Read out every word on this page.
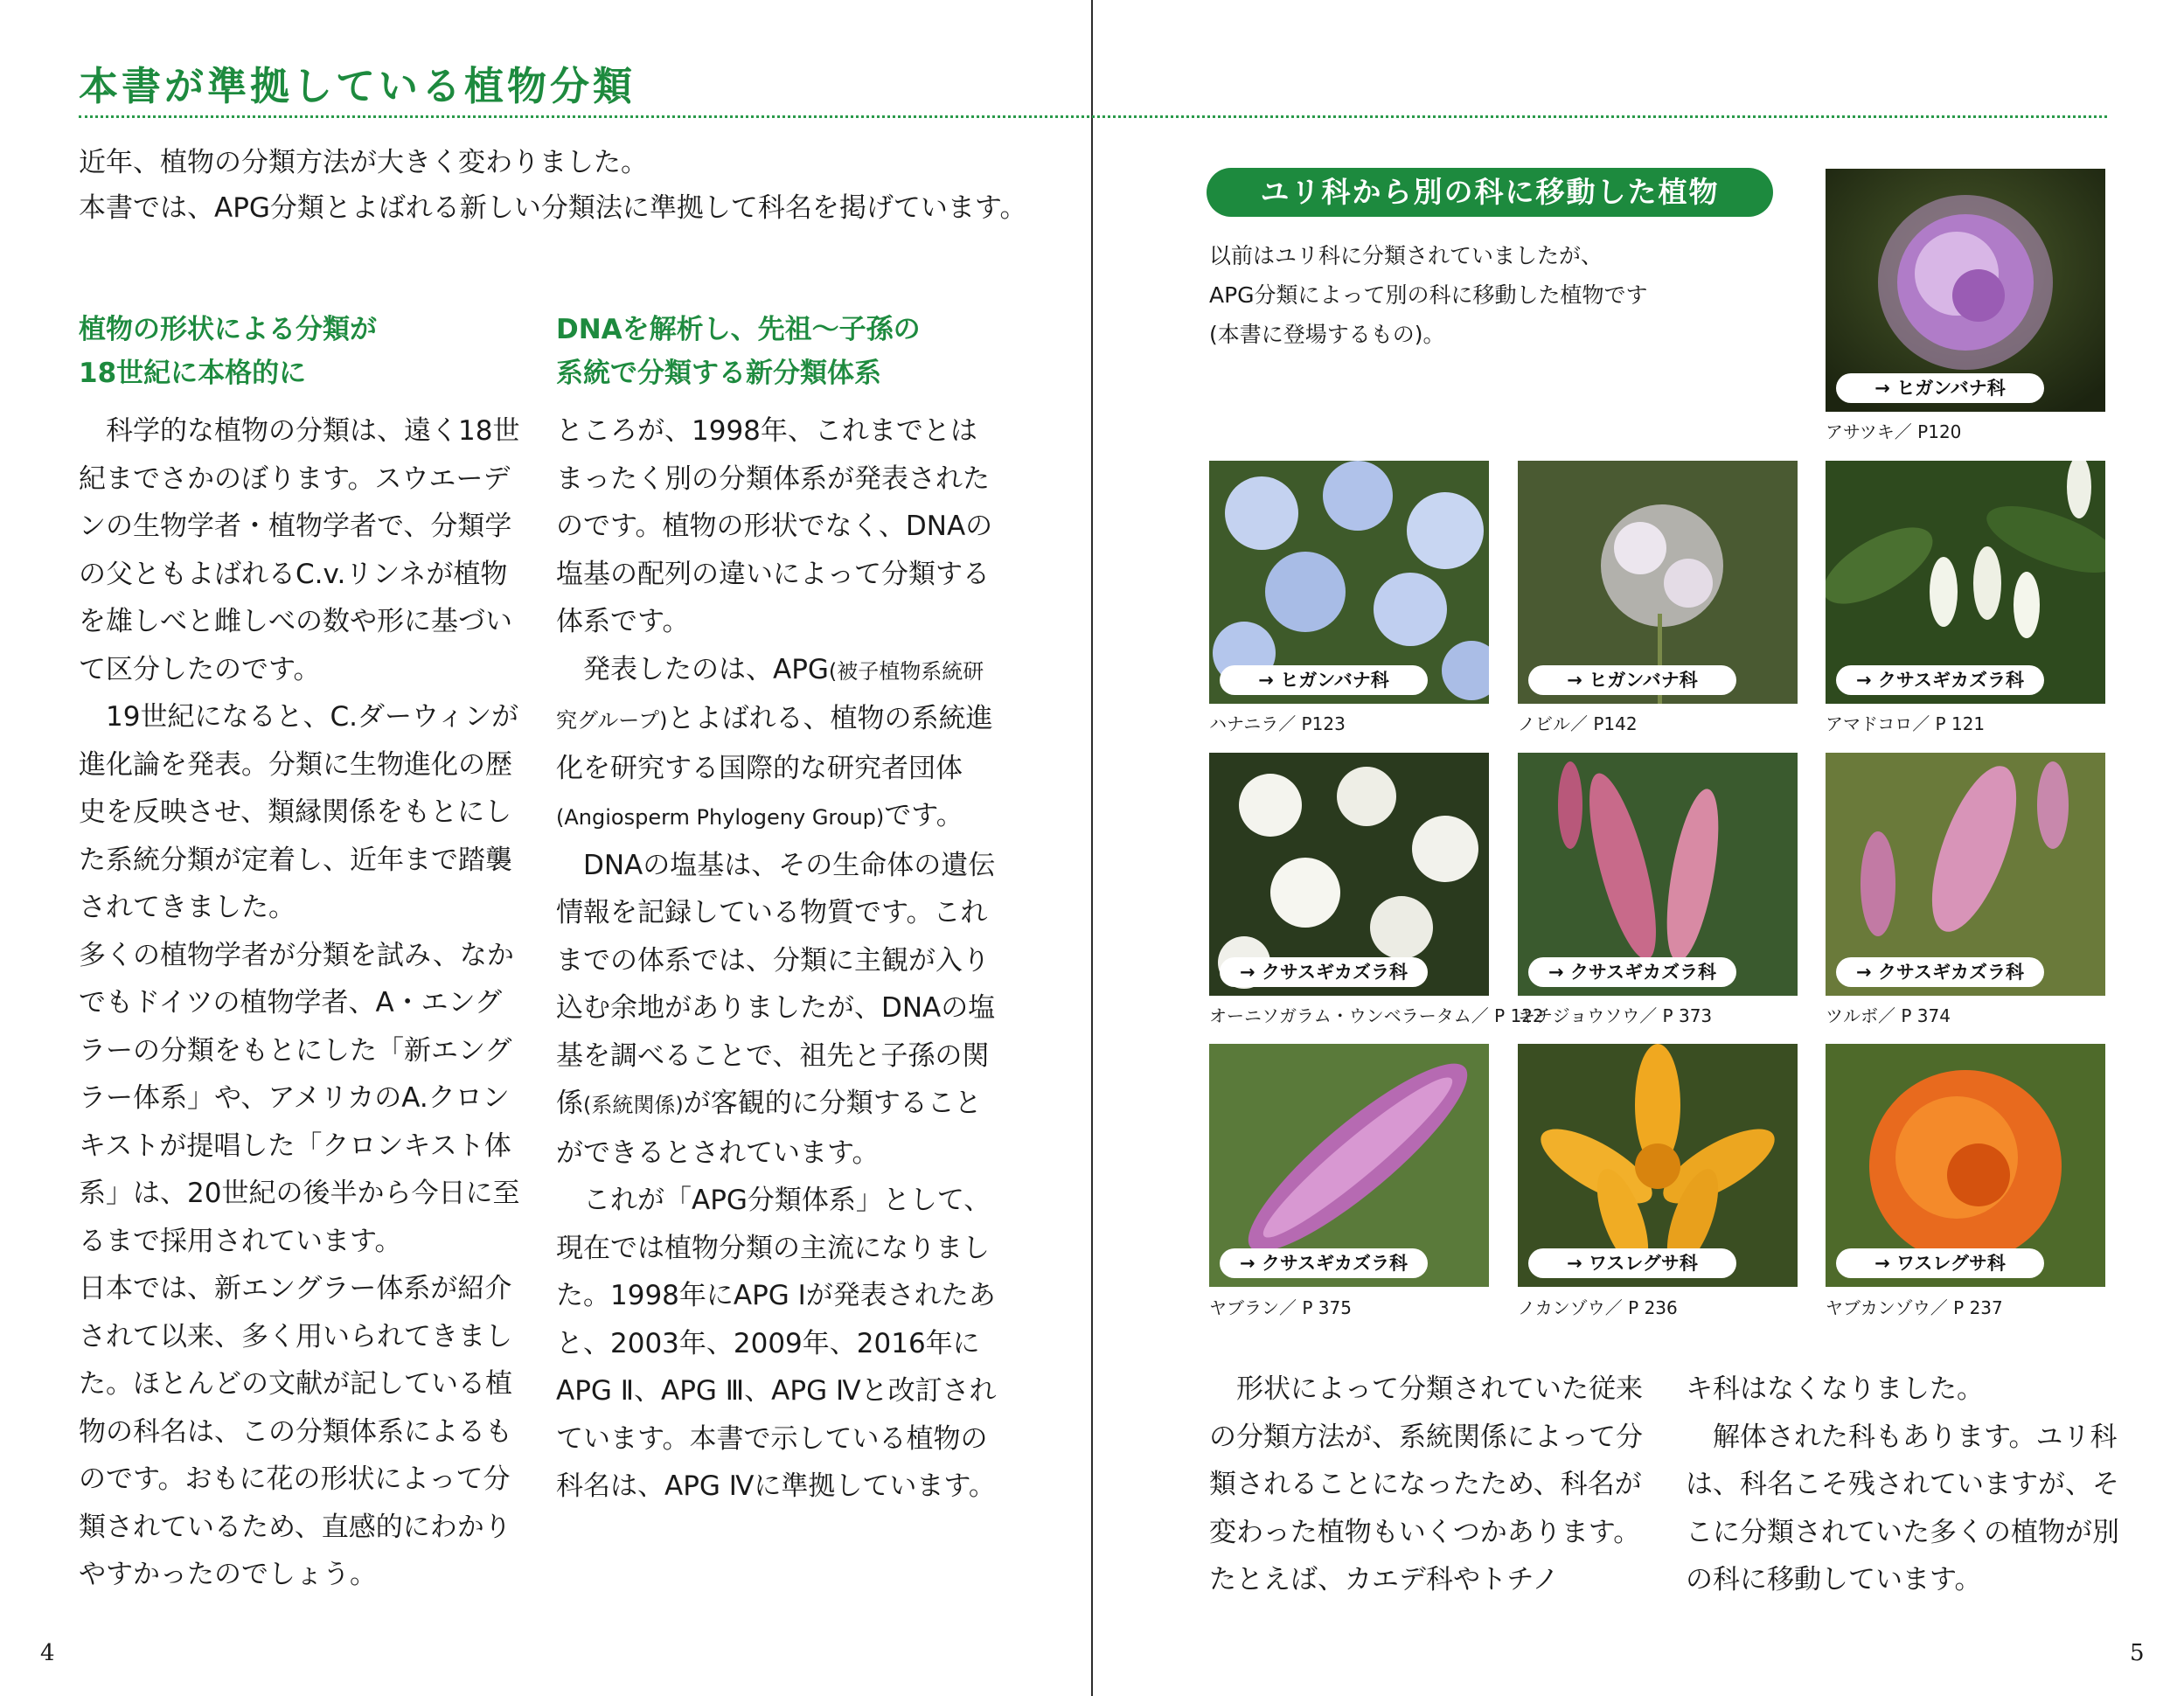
本書が準拠している植物分類
近年、植物の分類方法が大きく変わりました。
本書では、APG分類とよばれる新しい分類法に準拠して科名を掲げています。
植物の形状による分類が
18世紀に本格的に

科学的な植物の分類は、遠く18世紀までさかのぼります。スウエーデンの生物学者・植物学者で、分類学の父ともよばれるC.v.リンネが植物を雄しべと雌しべの数や形に基づいて区分したのです。

19世紀になると、C.ダーウィンが進化論を発表。分類に生物進化の歴史を反映させ、類縁関係をもとにした系統分類が定着し、近年まで踏襲されてきました。

多くの植物学者が分類を試み、なかでもドイツの植物学者、A・エングラーの分類をもとにした「新エングラー体系」や、アメリカのA.クロンキストが提唱した「クロンキスト体系」は、20世紀の後半から今日に至るまで採用されています。

日本では、新エングラー体系が紹介されて以来、多く用いられてきました。ほとんどの文献が記している植物の科名は、この分類体系によるものです。おもに花の形状によって分類されているため、直感的にわかりやすかったのでしょう。

DNAを解析し、先祖～子孫の
系統で分類する新分類体系

ところが、1998年、これまでとはまったく別の分類体系が発表されたのです。植物の形状でなく、DNAの塩基の配列の違いによって分類する体系です。

発表したのは、APG(被子植物系統研究グループ)とよばれる、植物の系統進化を研究する国際的な研究者団体(Angiosperm Phylogeny Group)です。

DNAの塩基は、その生命体の遺伝情報を記録している物質です。これまでの体系では、分類に主観が入り込む余地がありましたが、DNAの塩基を調べることで、祖先と子孫の関係(系統関係)が客観的に分類することができるとされています。

これが「APG分類体系」として、現在では植物分類の主流になりました。1998年にAPG Ⅰが発表されたあと、2003年、2009年、2016年にAPG Ⅱ、APG Ⅲ、APG Ⅳと改訂されています。本書で示している植物の科名は、APG Ⅳに準拠しています。

4
ユリ科から別の科に移動した植物
以前はユリ科に分類されていましたが、
APG分類によって別の科に移動した植物です
(本書に登場するもの)。
→ ヒガンバナ科
アサツキ／ P120
→ ヒガンバナ科
ハナニラ／ P123
→ ヒガンバナ科
ノビル／ P142
→ クサスギカズラ科
アマドコロ／ P 121
→ クサスギカズラ科
オーニソガラム・ウンベラータム／ P 122
→ クサスギカズラ科
キチジョウソウ／ P 373
→ クサスギカズラ科
ツルボ／ P 374
→ クサスギカズラ科
ヤブラン／ P 375
→ ワスレグサ科
ノカンゾウ／ P 236
→ ワスレグサ科
ヤブカンゾウ／ P 237

形状によって分類されていた従来の分類方法が、系統関係によって分類されることになったため、科名が変わった植物もいくつかあります。たとえば、カエデ科やトチノ

キ科はなくなりました。

解体された科もあります。ユリ科は、科名こそ残されていますが、そこに分類されていた多くの植物が別の科に移動しています。

5
